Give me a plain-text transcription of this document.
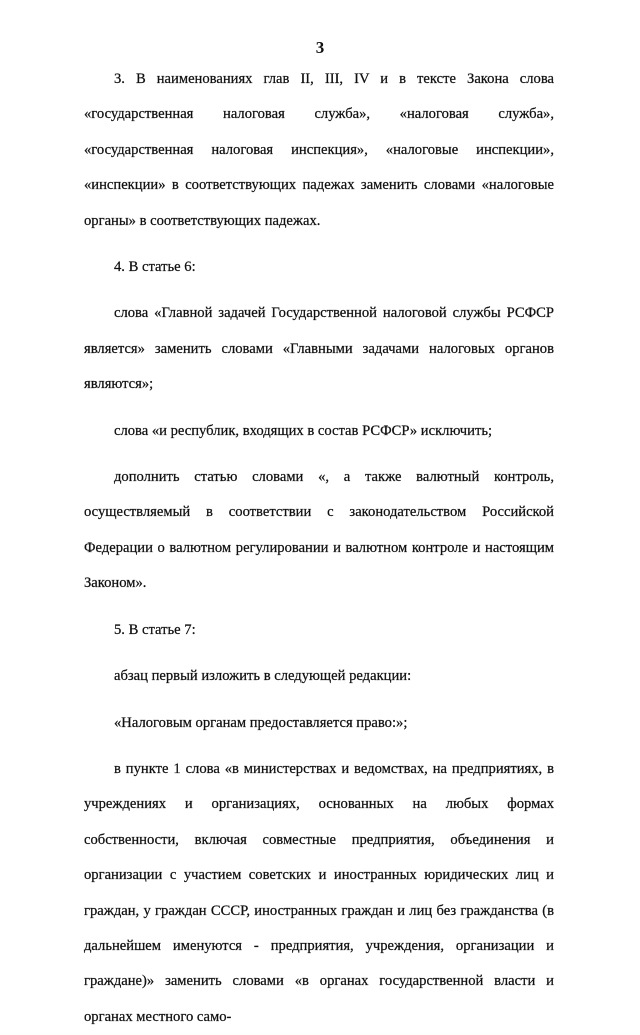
3

3. В наименованиях глав II, III, IV и в тексте Закона слова «государственная налоговая служба», «налоговая служба», «государственная налоговая инспекция», «налоговые инспекции», «инспекции» в соответствующих падежах заменить словами «налоговые органы» в соответствующих падежах.

4. В статье 6:

слова «Главной задачей Государственной налоговой службы РСФСР является» заменить словами «Главными задачами налоговых органов являются»;

слова «и республик, входящих в состав РСФСР» исключить;

дополнить статью словами «, а также валютный контроль, осуществляемый в соответствии с законодательством Российской Федерации о валютном регулировании и валютном контроле и настоящим Законом».

5. В статье 7:

абзац первый изложить в следующей редакции:

«Налоговым органам предоставляется право:»;

в пункте 1 слова «в министерствах и ведомствах, на предприятиях, в учреждениях и организациях, основанных на любых формах собственности, включая совместные предприятия, объединения и организации с участием советских и иностранных юридических лиц и граждан, у граждан СССР, иностранных граждан и лиц без гражданства (в дальнейшем именуются - предприятия, учреждения, организации и граждане)» заменить словами «в органах государственной власти и органах местного само-
